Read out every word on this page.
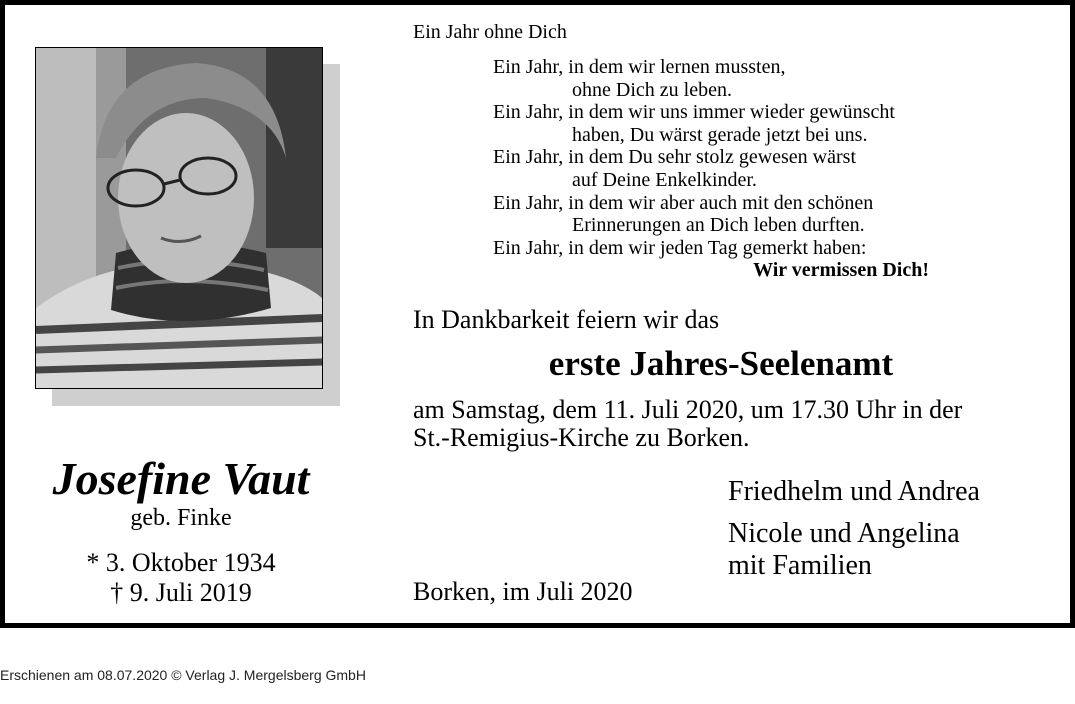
Josefine Vaut
geb. Finke
* 3. Oktober 1934
† 9. Juli 2019
Ein Jahr ohne Dich
Ein Jahr, in dem wir lernen mussten,
ohne Dich zu leben.
Ein Jahr, in dem wir uns immer wieder gewünscht
haben, Du wärst gerade jetzt bei uns.
Ein Jahr, in dem Du sehr stolz gewesen wärst
auf Deine Enkelkinder.
Ein Jahr, in dem wir aber auch mit den schönen
Erinnerungen an Dich leben durften.
Ein Jahr, in dem wir jeden Tag gemerkt haben:
Wir vermissen Dich!
In Dankbarkeit feiern wir das
erste Jahres-Seelenamt
am Samstag, dem 11. Juli 2020, um 17.30 Uhr in der
St.-Remigius-Kirche zu Borken.
Friedhelm und Andrea
Nicole und Angelina
mit Familien
Borken, im Juli 2020
Erschienen am 08.07.2020 © Verlag J. Mergelsberg GmbH
